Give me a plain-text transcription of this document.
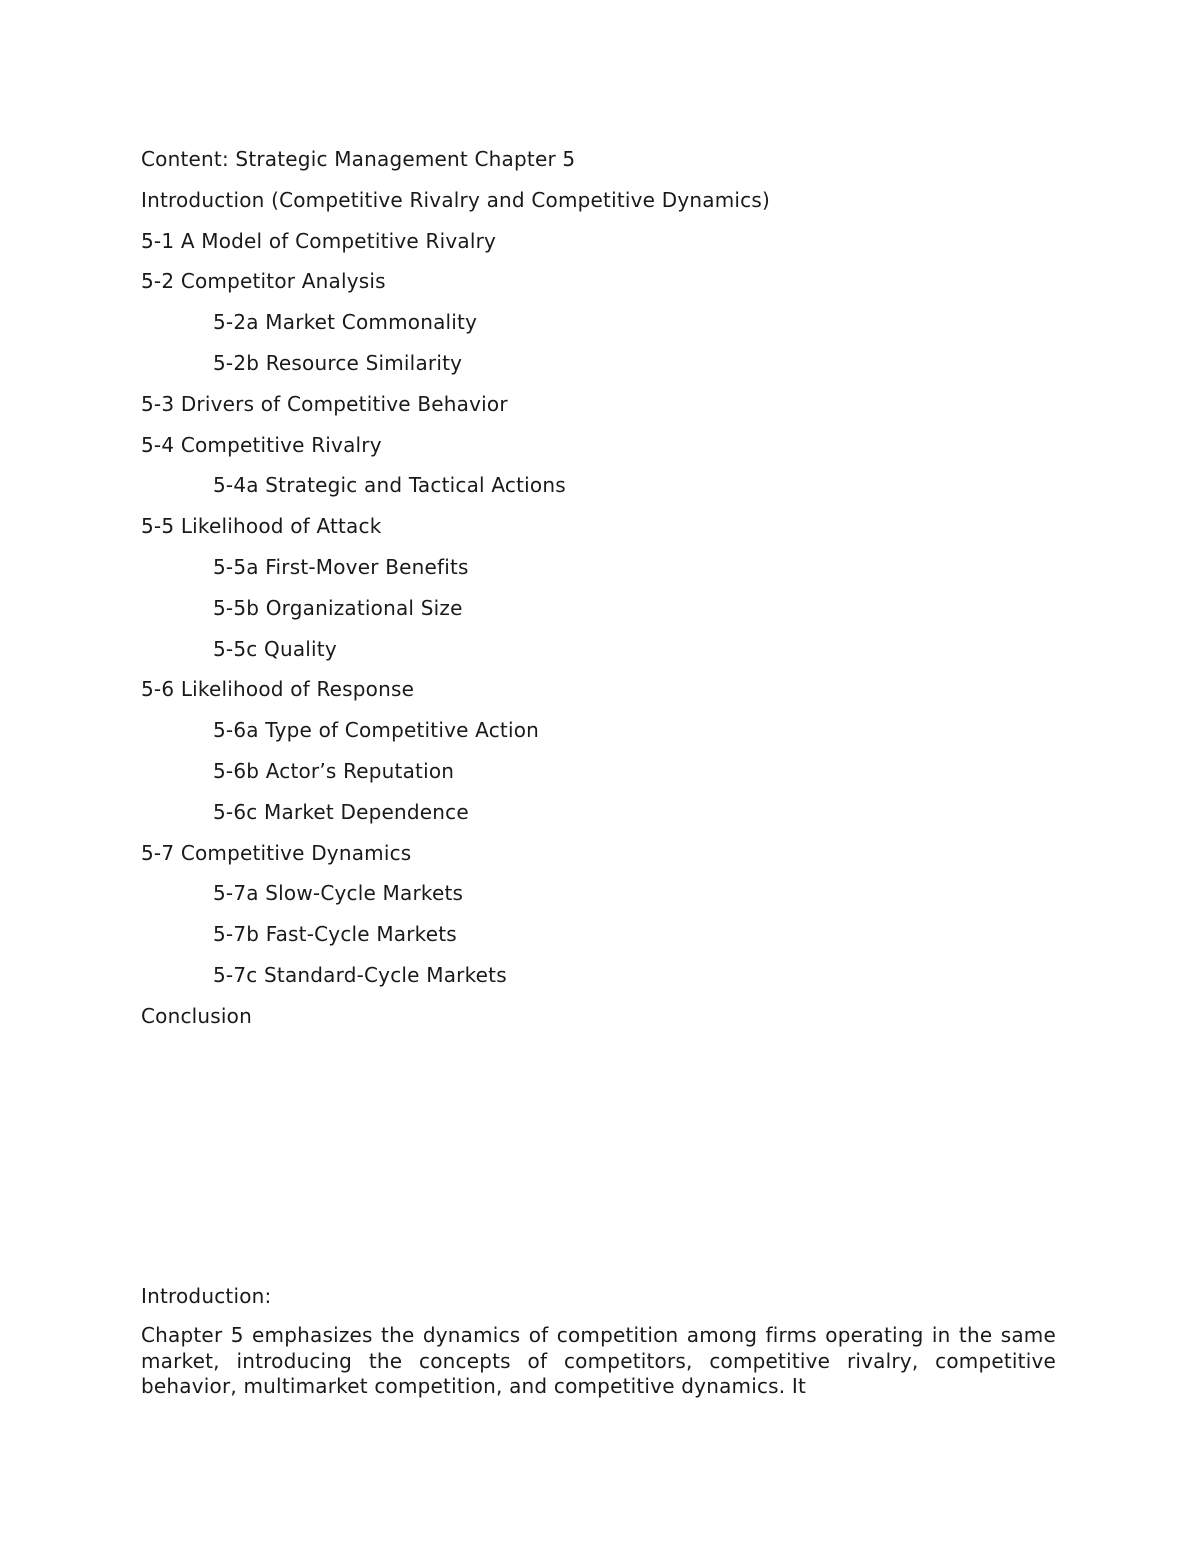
Content: Strategic Management Chapter 5
Introduction (Competitive Rivalry and Competitive Dynamics)
5-1 A Model of Competitive Rivalry
5-2 Competitor Analysis
5-2a Market Commonality
5-2b Resource Similarity
5-3 Drivers of Competitive Behavior
5-4 Competitive Rivalry
5-4a Strategic and Tactical Actions
5-5 Likelihood of Attack
5-5a First-Mover Benefits
5-5b Organizational Size
5-5c Quality
5-6 Likelihood of Response
5-6a Type of Competitive Action
5-6b Actor’s Reputation
5-6c Market Dependence
5-7 Competitive Dynamics
5-7a Slow-Cycle Markets
5-7b Fast-Cycle Markets
5-7c Standard-Cycle Markets
Conclusion
Introduction:
Chapter 5 emphasizes the dynamics of competition among firms operating in the same market, introducing the concepts of competitors, competitive rivalry, competitive behavior, multimarket competition, and competitive dynamics. It
